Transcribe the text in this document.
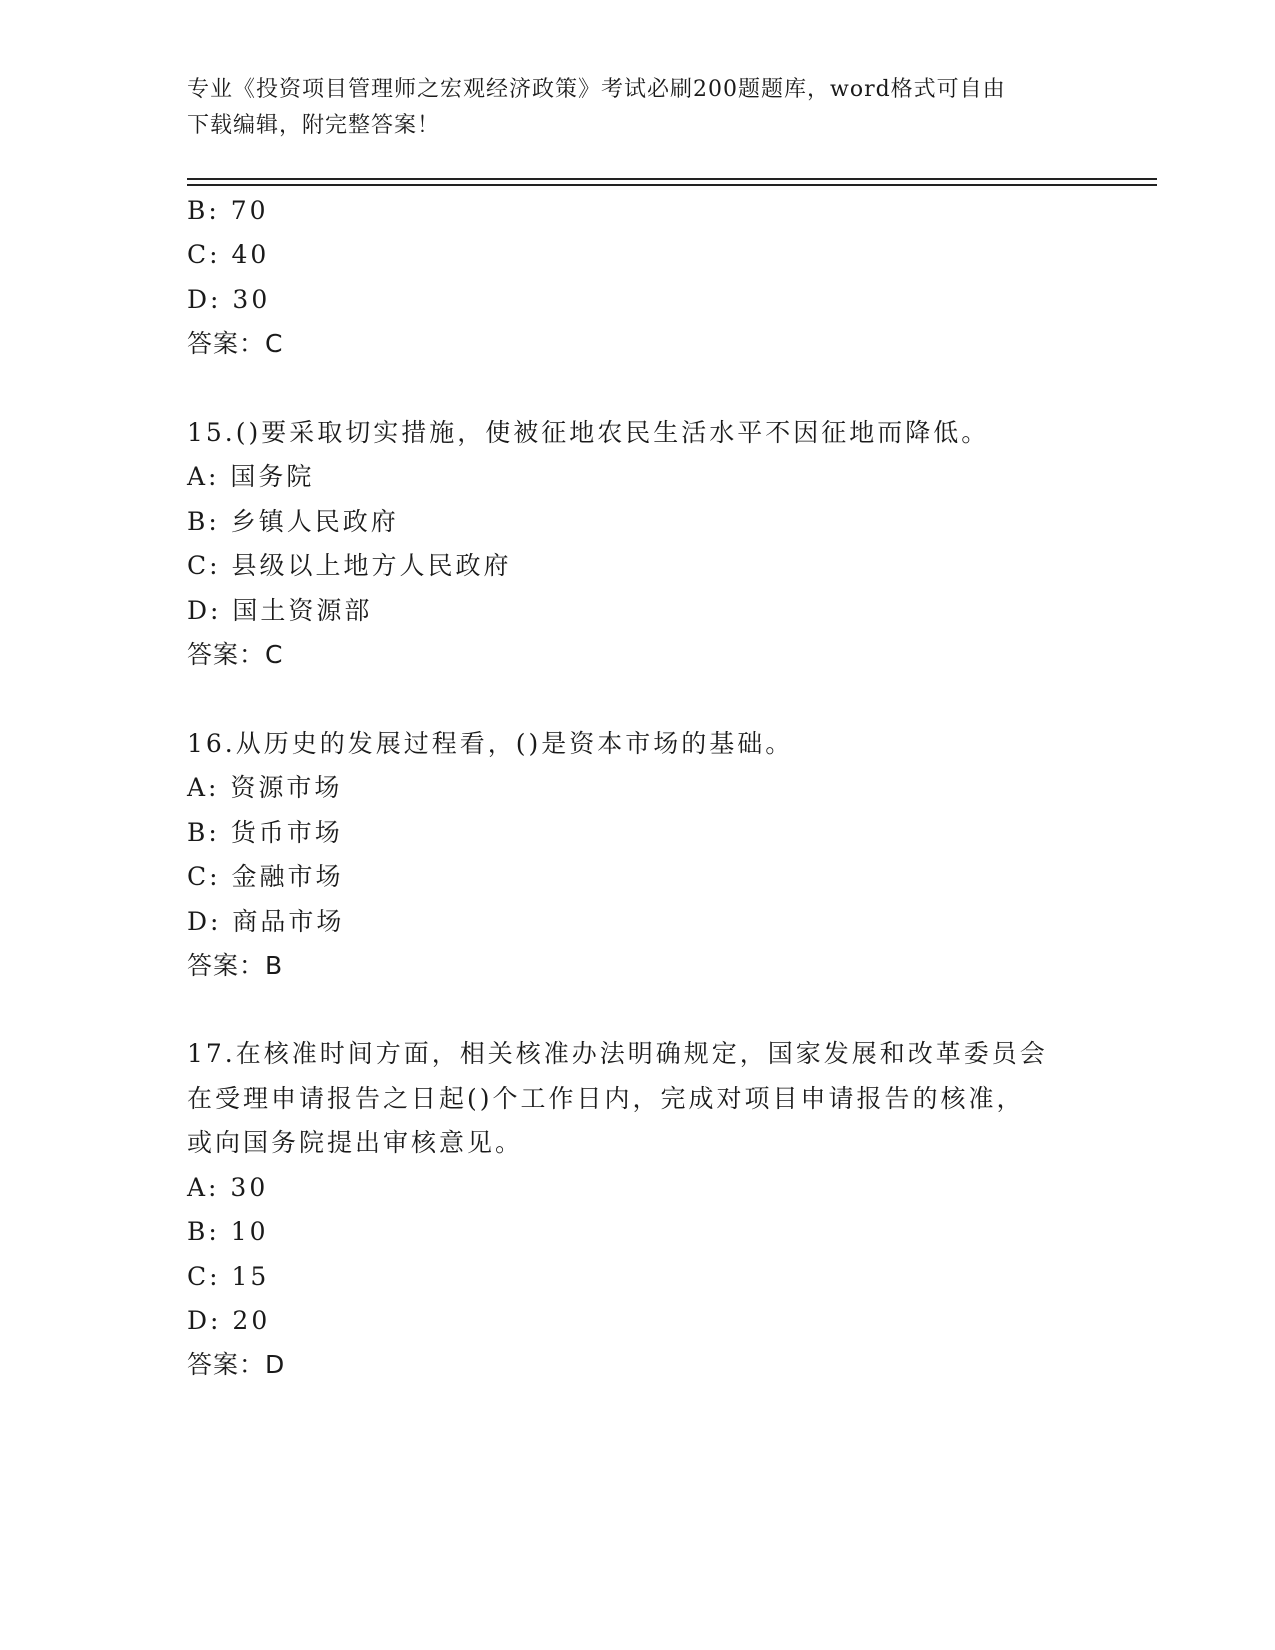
专业《投资项目管理师之宏观经济政策》考试必刷200题题库，word格式可自由
下载编辑，附完整答案！
B: 70
C: 40
D: 30
答案：C
15.()要采取切实措施，使被征地农民生活水平不因征地而降低。
A: 国务院
B: 乡镇人民政府
C: 县级以上地方人民政府
D: 国土资源部
答案：C
16.从历史的发展过程看，()是资本市场的基础。
A: 资源市场
B: 货币市场
C: 金融市场
D: 商品市场
答案：B
17.在核准时间方面，相关核准办法明确规定，国家发展和改革委员会
在受理申请报告之日起()个工作日内，完成对项目申请报告的核准，
或向国务院提出审核意见。
A: 30
B: 10
C: 15
D: 20
答案：D
